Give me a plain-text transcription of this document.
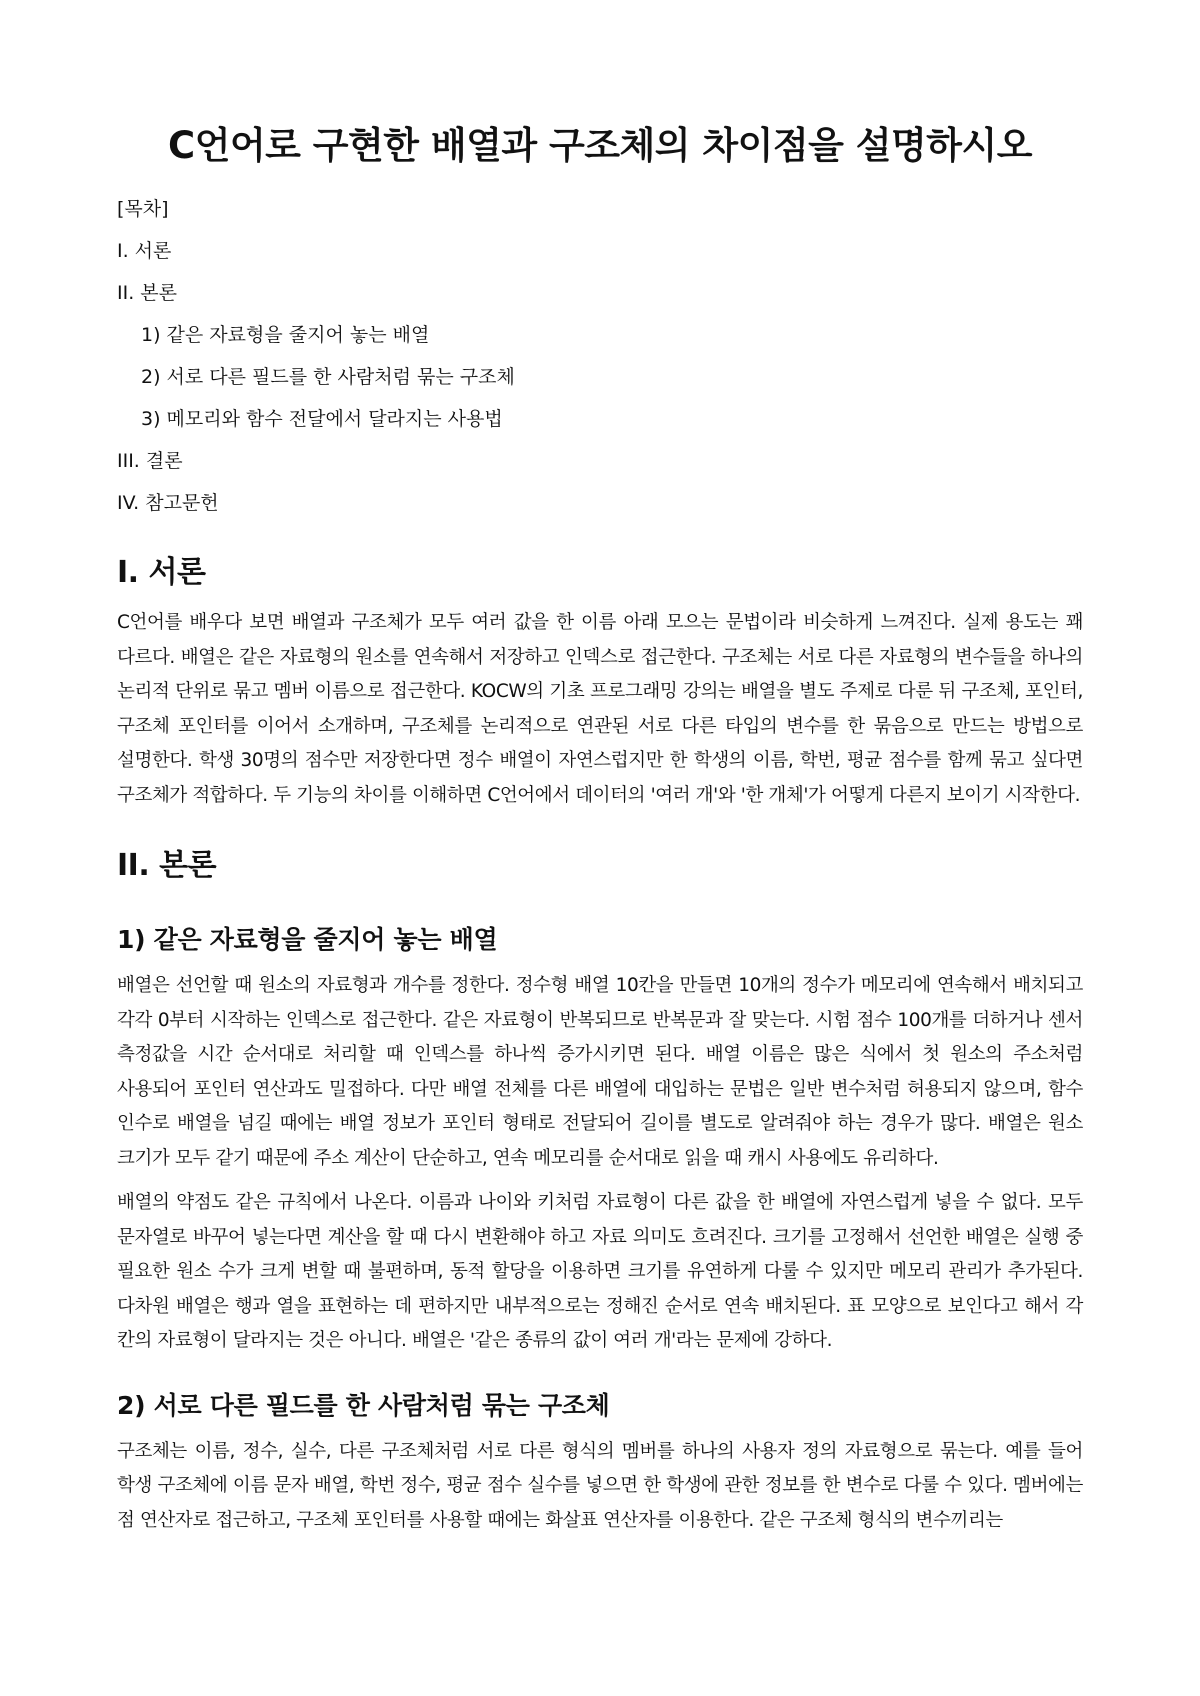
C언어로 구현한 배열과 구조체의 차이점을 설명하시오
[목차]
I. 서론
II. 본론
1) 같은 자료형을 줄지어 놓는 배열
2) 서로 다른 필드를 한 사람처럼 묶는 구조체
3) 메모리와 함수 전달에서 달라지는 사용법
III. 결론
IV. 참고문헌
I. 서론

C언어를 배우다 보면 배열과 구조체가 모두 여러 값을 한 이름 아래 모으는 문법이라 비슷하게 느껴진다. 실제 용도는 꽤 다르다. 배열은 같은 자료형의 원소를 연속해서 저장하고 인덱스로 접근한다. 구조체는 서로 다른 자료형의 변수들을 하나의 논리적 단위로 묶고 멤버 이름으로 접근한다. KOCW의 기초 프로그래밍 강의는 배열을 별도 주제로 다룬 뒤 구조체, 포인터, 구조체 포인터를 이어서 소개하며, 구조체를 논리적으로 연관된 서로 다른 타입의 변수를 한 묶음으로 만드는 방법으로 설명한다. 학생 30명의 점수만 저장한다면 정수 배열이 자연스럽지만 한 학생의 이름, 학번, 평균 점수를 함께 묶고 싶다면 구조체가 적합하다. 두 기능의 차이를 이해하면 C언어에서 데이터의 '여러 개'와 '한 개체'가 어떻게 다른지 보이기 시작한다.

II. 본론
1) 같은 자료형을 줄지어 놓는 배열

배열은 선언할 때 원소의 자료형과 개수를 정한다. 정수형 배열 10칸을 만들면 10개의 정수가 메모리에 연속해서 배치되고 각각 0부터 시작하는 인덱스로 접근한다. 같은 자료형이 반복되므로 반복문과 잘 맞는다. 시험 점수 100개를 더하거나 센서 측정값을 시간 순서대로 처리할 때 인덱스를 하나씩 증가시키면 된다. 배열 이름은 많은 식에서 첫 원소의 주소처럼 사용되어 포인터 연산과도 밀접하다. 다만 배열 전체를 다른 배열에 대입하는 문법은 일반 변수처럼 허용되지 않으며, 함수 인수로 배열을 넘길 때에는 배열 정보가 포인터 형태로 전달되어 길이를 별도로 알려줘야 하는 경우가 많다. 배열은 원소 크기가 모두 같기 때문에 주소 계산이 단순하고, 연속 메모리를 순서대로 읽을 때 캐시 사용에도 유리하다.

배열의 약점도 같은 규칙에서 나온다. 이름과 나이와 키처럼 자료형이 다른 값을 한 배열에 자연스럽게 넣을 수 없다. 모두 문자열로 바꾸어 넣는다면 계산을 할 때 다시 변환해야 하고 자료 의미도 흐려진다. 크기를 고정해서 선언한 배열은 실행 중 필요한 원소 수가 크게 변할 때 불편하며, 동적 할당을 이용하면 크기를 유연하게 다룰 수 있지만 메모리 관리가 추가된다. 다차원 배열은 행과 열을 표현하는 데 편하지만 내부적으로는 정해진 순서로 연속 배치된다. 표 모양으로 보인다고 해서 각 칸의 자료형이 달라지는 것은 아니다. 배열은 '같은 종류의 값이 여러 개'라는 문제에 강하다.

2) 서로 다른 필드를 한 사람처럼 묶는 구조체

구조체는 이름, 정수, 실수, 다른 구조체처럼 서로 다른 형식의 멤버를 하나의 사용자 정의 자료형으로 묶는다. 예를 들어 학생 구조체에 이름 문자 배열, 학번 정수, 평균 점수 실수를 넣으면 한 학생에 관한 정보를 한 변수로 다룰 수 있다. 멤버에는 점 연산자로 접근하고, 구조체 포인터를 사용할 때에는 화살표 연산자를 이용한다. 같은 구조체 형식의 변수끼리는
